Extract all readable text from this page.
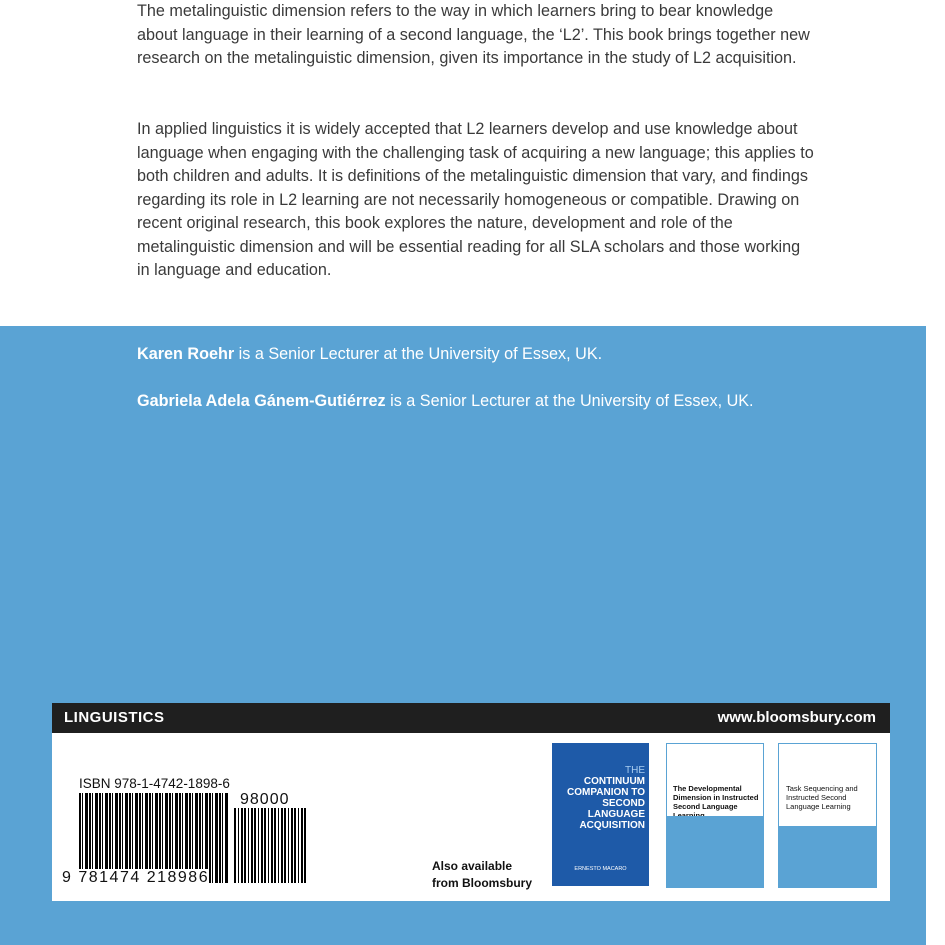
The metalinguistic dimension refers to the way in which learners bring to bear knowledge about language in their learning of a second language, the ‘L2’. This book brings together new research on the metalinguistic dimension, given its importance in the study of L2 acquisition.

In applied linguistics it is widely accepted that L2 learners develop and use knowledge about language when engaging with the challenging task of acquiring a new language; this applies to both children and adults. It is definitions of the metalinguistic dimension that vary, and findings regarding its role in L2 learning are not necessarily homogeneous or compatible. Drawing on recent original research, this book explores the nature, development and role of the metalinguistic dimension and will be essential reading for all SLA scholars and those working in language and education.

Karen Roehr is a Senior Lecturer at the University of Essex, UK.
Gabriela Adela Gánem-Gutiérrez is a Senior Lecturer at the University of Essex, UK.
LINGUISTICS	www.bloomsbury.com
ISBN 978-1-4742-1898-6
98000
9 781474 218986
Also available
from Bloomsbury
THE
CONTINUUM COMPANION TO SECOND LANGUAGE ACQUISITION
ERNESTO MACARO
The Developmental Dimension in Instructed Second Language
Task Sequencing and Instructed Second Language Learning
